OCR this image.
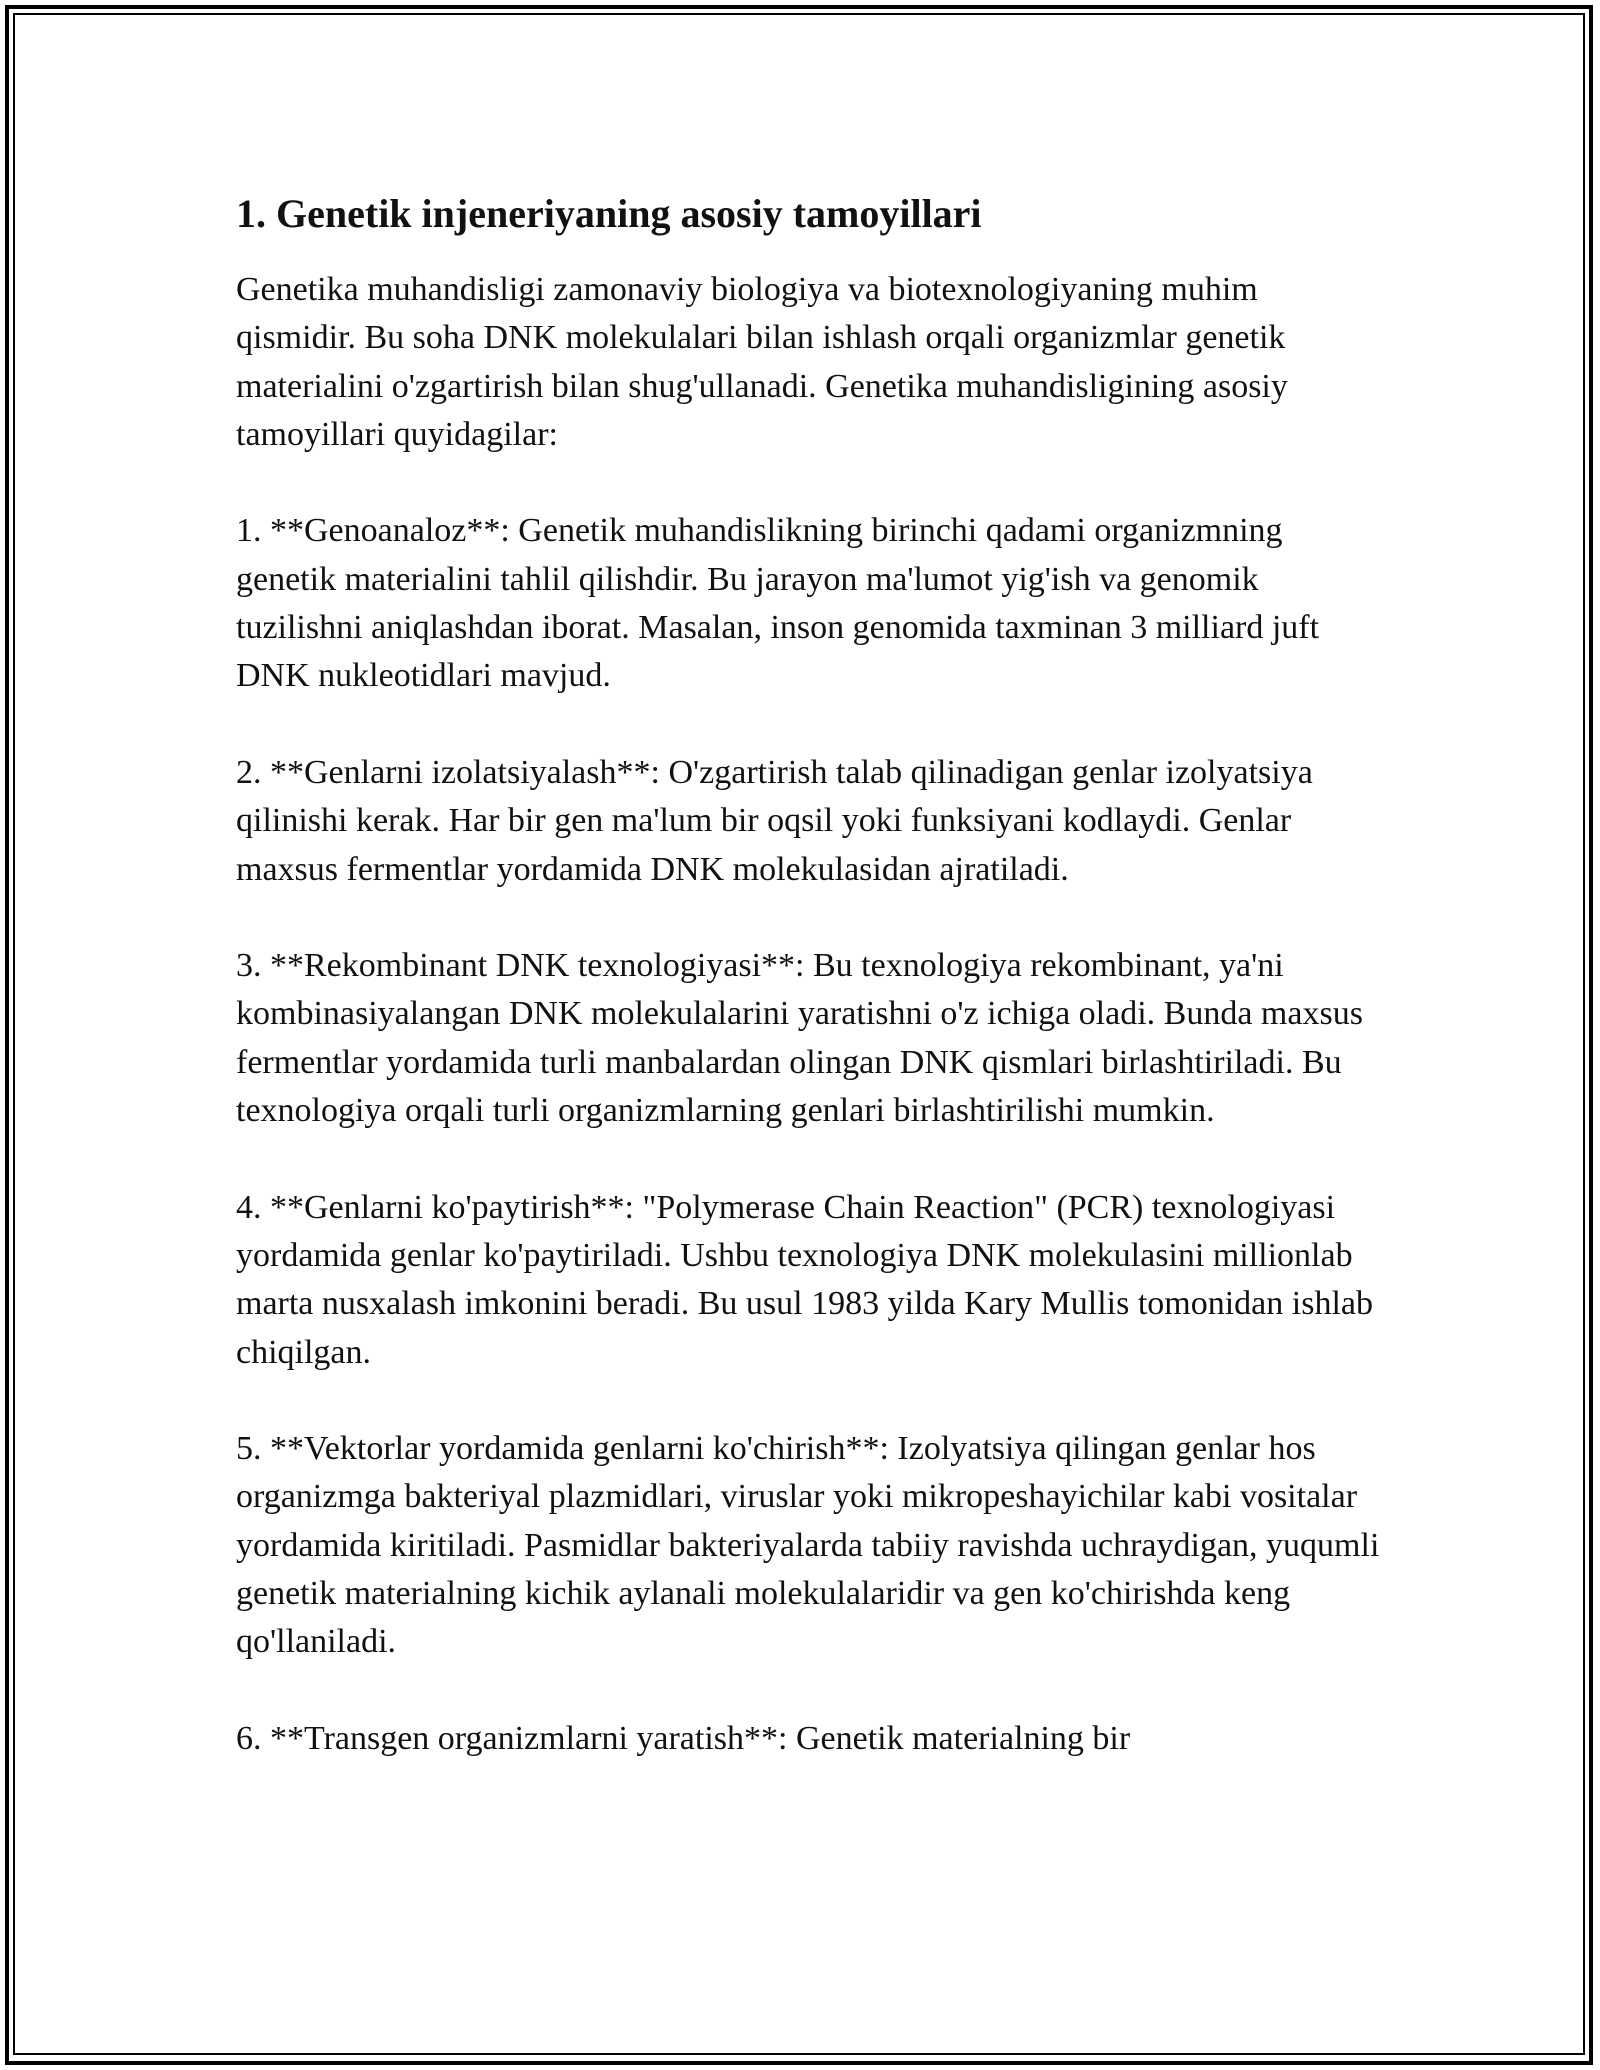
1. Genetik injeneriyaning asosiy tamoyillari

Genetika muhandisligi zamonaviy biologiya va biotexnologiyaning muhim qismidir. Bu soha DNK molekulalari bilan ishlash orqali organizmlar genetik materialini o'zgartirish bilan shug'ullanadi. Genetika muhandisligining asosiy tamoyillari quyidagilar:

1. **Genoanaloz**: Genetik muhandislikning birinchi qadami organizmning genetik materialini tahlil qilishdir. Bu jarayon ma'lumot yig'ish va genomik tuzilishni aniqlashdan iborat. Masalan, inson genomida taxminan 3 milliard juft DNK nukleotidlari mavjud.

2. **Genlarni izolatsiyalash**: O'zgartirish talab qilinadigan genlar izolyatsiya qilinishi kerak. Har bir gen ma'lum bir oqsil yoki funksiyani kodlaydi. Genlar maxsus fermentlar yordamida DNK molekulasidan ajratiladi.

3. **Rekombinant DNK texnologiyasi**: Bu texnologiya rekombinant, ya'ni kombinasiyalangan DNK molekulalarini yaratishni o'z ichiga oladi. Bunda maxsus fermentlar yordamida turli manbalardan olingan DNK qismlari birlashtiriladi. Bu texnologiya orqali turli organizmlarning genlari birlashtirilishi mumkin.

4. **Genlarni ko'paytirish**: "Polymerase Chain Reaction" (PCR) texnologiyasi yordamida genlar ko'paytiriladi. Ushbu texnologiya DNK molekulasini millionlab marta nusxalash imkonini beradi. Bu usul 1983 yilda Kary Mullis tomonidan ishlab chiqilgan.

5. **Vektorlar yordamida genlarni ko'chirish**: Izolyatsiya qilingan genlar hos organizmga bakteriyal plazmidlari, viruslar yoki mikropeshayichilar kabi vositalar yordamida kiritiladi. Pasmidlar bakteriyalarda tabiiy ravishda uchraydigan, yuqumli genetik materialning kichik aylanali molekulalaridir va gen ko'chirishda keng qo'llaniladi.

6. **Transgen organizmlarni yaratish**: Genetik materialning bir
